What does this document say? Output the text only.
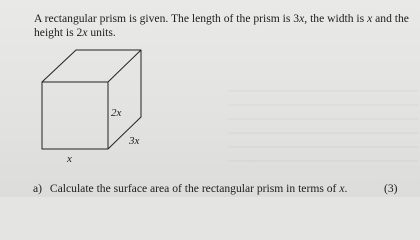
A rectangular prism is given. The length of the prism is 3x, the width is x and the height is 2x units.

2x
3x
x

a) Calculate the surface area of the rectangular prism in terms of x.	(3)
